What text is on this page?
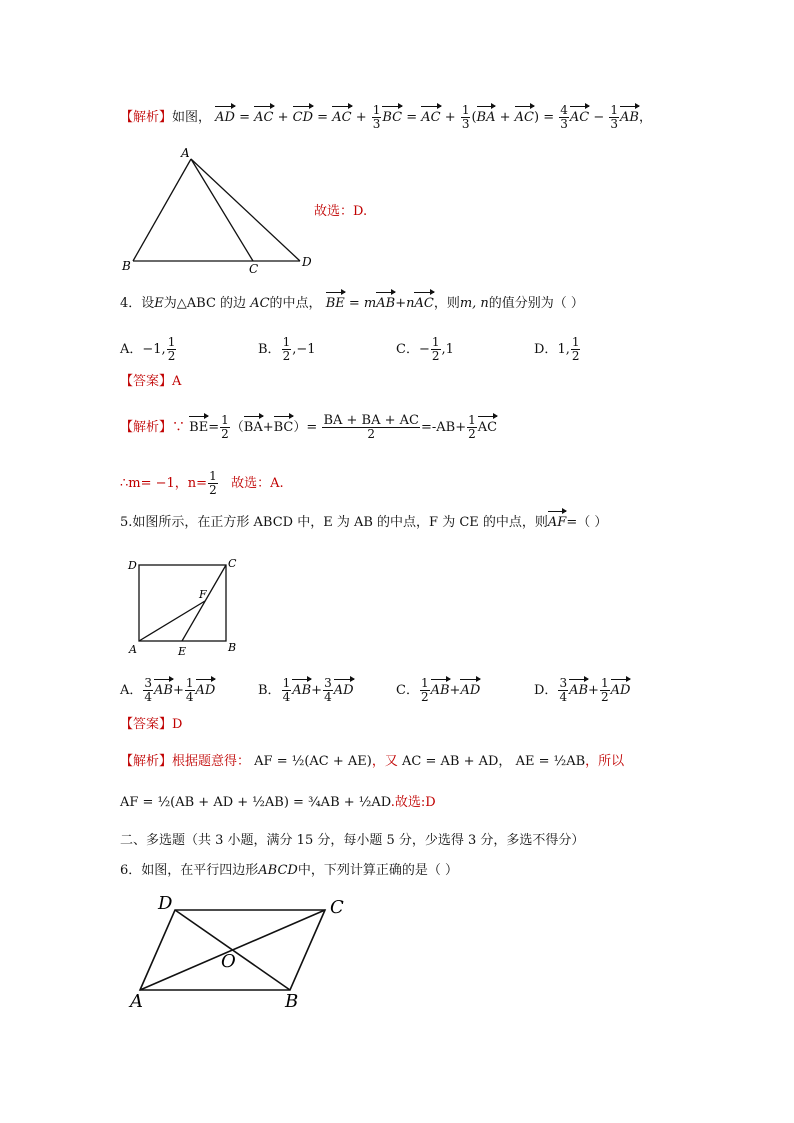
【解析】如图， AD = AC + CD = AC + $\frac{1}{3}$ BC = AC + $\frac{1}{3} (BA + AC) = \frac{4}{3}$ AC − $\frac{1}{3}$ AB，
A
B	C	D
故选：D.
4．设E为△ABC 的边 AC的中点， BE = mAB+nAC，则m, n的值分别为（ ）
A．−1, $\frac{1}{2}$	B． $\frac{1}{2} ,-1$	C．− $\frac{1}{2} ,1$	D．1, $\frac{1}{2}$
【答案】A
【解析】∵ $BE= \frac{1}{2} (BA+BC)= \frac{BA + BA + AC}{2} =-AB+ \frac{1}{2}$ AC
∴m= −1，$n= \frac{1}{2}$ 故选：A.
5.如图所示，在正方形 ABCD 中，E 为 AB 的中点，F 为 CE 的中点，则AF=（ ）
D	C
F
A	E	B
A． $\frac{3}{4} AB+ \frac{1}{4}$ AD	B． $\frac{1}{4} AB+ \frac{3}{4}$ AD	C． $\frac{1}{2} AB+AD$	D． $\frac{3}{4} AB+ \frac{1}{2}$ AD
【答案】D
【解析】根据题意得： AF = ½(AC + AE)，又 AC = AB + AD， AE = ½AB，所以
AF = ½(AB + AD + ½AB) = ¾AB + ½AD.故选:D
二、多选题（共 3 小题，满分 15 分，每小题 5 分，少选得 3 分，多选不得分）
6．如图，在平行四边形ABCD中，下列计算正确的是（ ）
D	C
O
A	B
